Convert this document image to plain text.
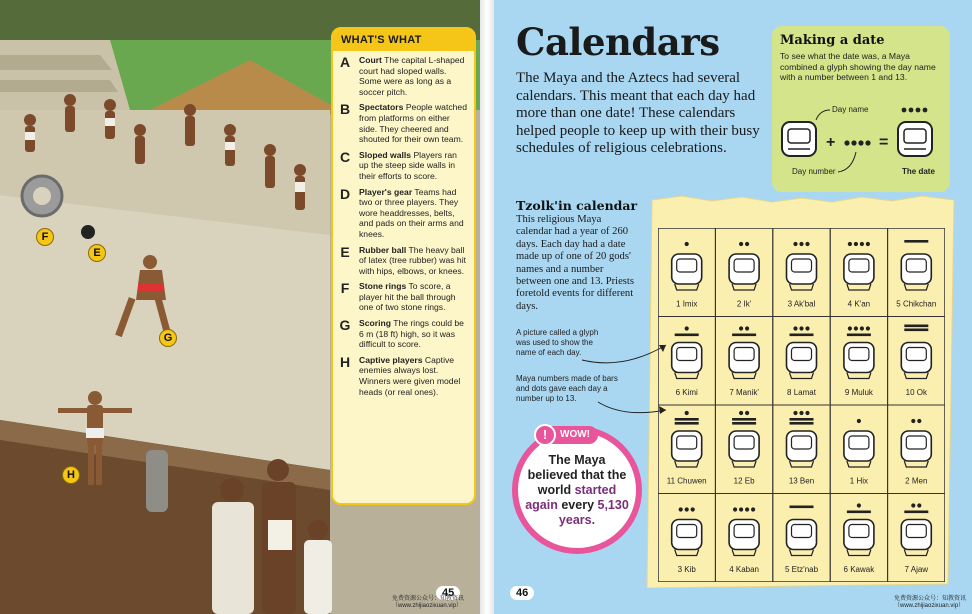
F
E
G
H
WHAT'S WHAT
A	Court The capital L-shaped court had sloped walls. Some were as long as a soccer pitch.
B	Spectators People watched from platforms on either side. They cheered and shouted for their own team.
C	Sloped walls Players ran up the steep side walls in their efforts to score.
D	Player's gear Teams had two or three players. They wore headdresses, belts, and pads on their arms and knees.
E	Rubber ball The heavy ball of latex (tree rubber) was hit with hips, elbows, or knees.
F	Stone rings To score, a player hit the ball through one of two stone rings.
G Scoring The rings could be 6 m (18 ft) high, so it was difficult to score.
H	Captive players Captive enemies always lost. Winners were given model heads (or real ones).
45
免费资源公众号：知教资讯
（www.zhijiaozixuan.vip）
Calendars
The Maya and the Aztecs had several calendars. This meant that each day had more than one date! These calendars helped people to keep up with their busy schedules of religious celebrations.
Making a date
To see what the date was, a Maya combined a glyph showing the day name with a number between 1 and 13.
Day name
+
Day number
=
The date
Tzolk'in calendar
This religious Maya calendar had a year of 260 days. Each day had a date made up of one of 20 gods' names and a number between one and 13. Priests foretold events for different days.
A picture called a glyph was used to show the name of each day.
Maya numbers made of bars and dots gave each day a number up to 13.
1 Imix	2 Ik'	3 Ak'bal	4 K'an	5 Chikchan
6 Kimi	7 Manik'	8 Lamat	9 Muluk	10 Ok
11 Chuwen	12 Eb	13 Ben	1 Hix	2 Men
3 Kib	4 Kaban	5 Etz'nab	6 Kawak	7 Ajaw
The Maya believed that the world started again every 5,130 years.
WOW!
!
46	免费资源公众号：知教资讯
（www.zhijiaozixuan.vip）
